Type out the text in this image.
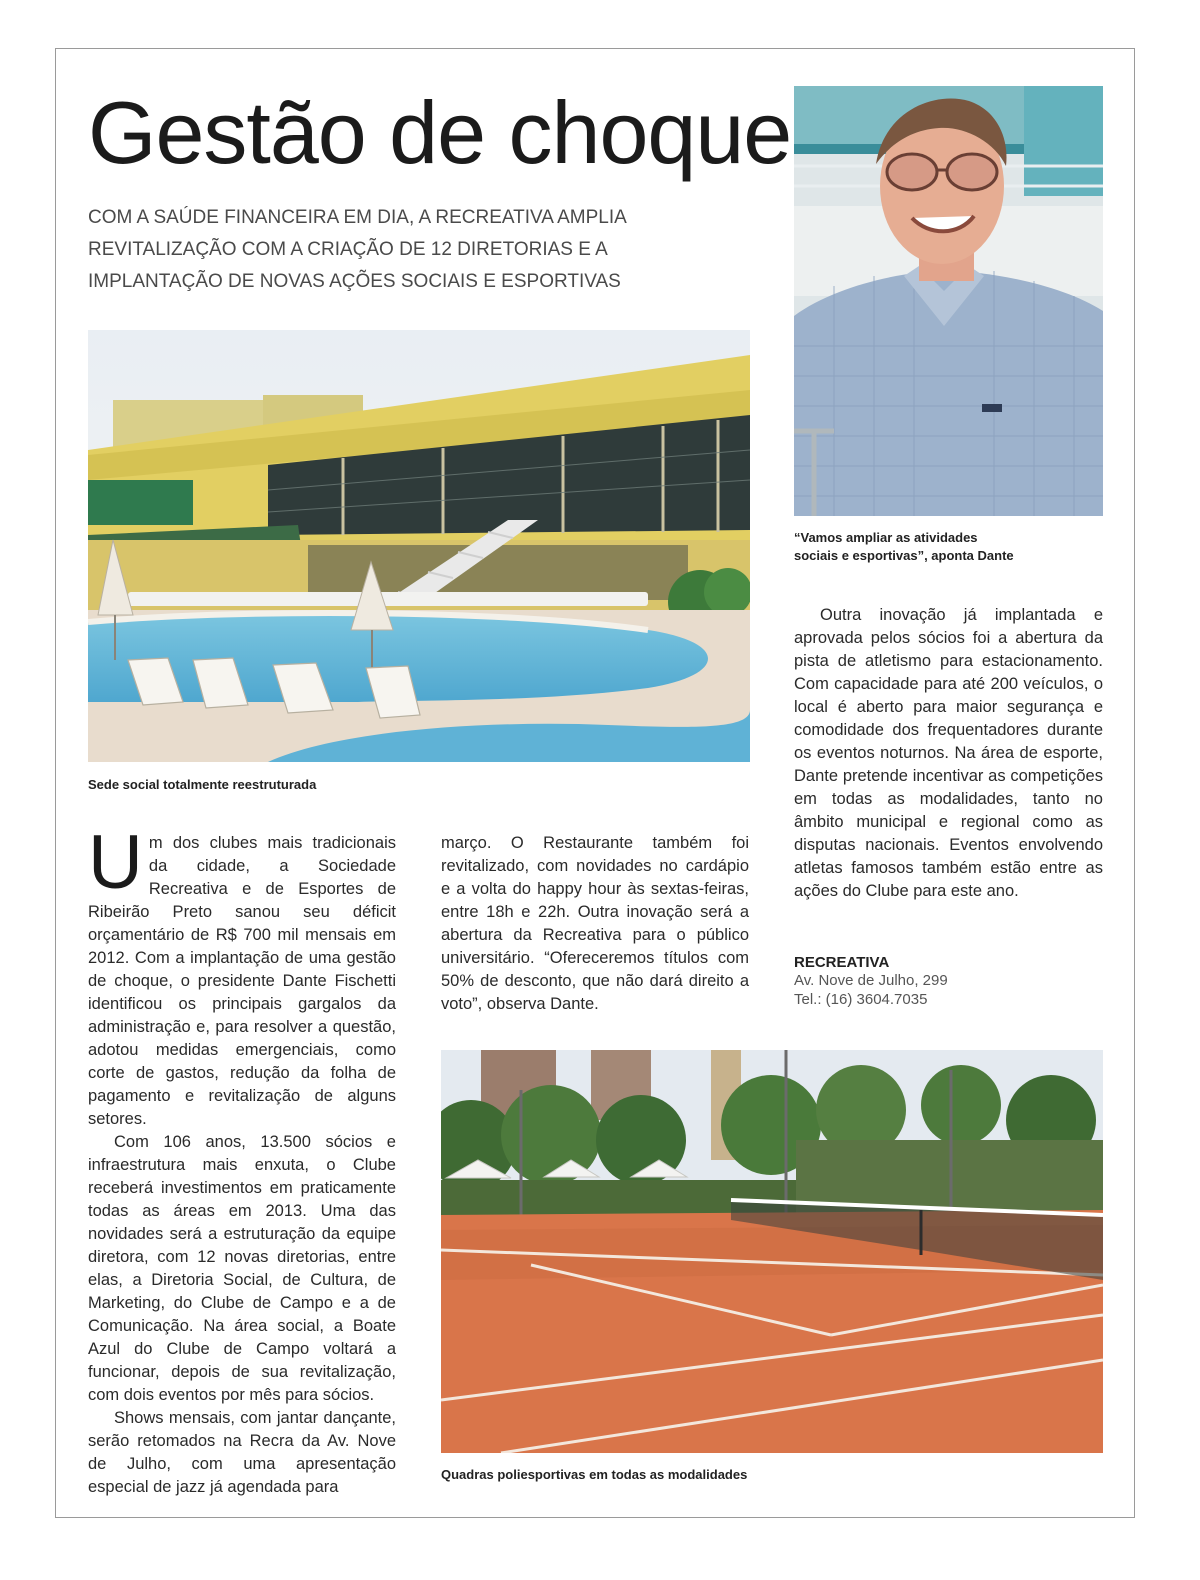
Gestão de choque
COM A SAÚDE FINANCEIRA EM DIA, A RECREATIVA AMPLIA
REVITALIZAÇÃO COM A CRIAÇÃO DE 12 DIRETORIAS E A
IMPLANTAÇÃO DE NOVAS AÇÕES SOCIAIS E ESPORTIVAS
Sede social totalmente reestruturada
“Vamos ampliar as atividades
sociais e esportivas”, aponta Dante

Um dos clubes mais tradicionais da cidade, a Sociedade Recreativa e de Esportes de Ribeirão Preto sanou seu déficit orçamentário de R$ 700 mil mensais em 2012. Com a implantação de uma gestão de choque, o presidente Dante Fischetti identificou os principais gargalos da administração e, para resolver a questão, adotou medidas emergenciais, como corte de gastos, redução da folha de pagamento e revitalização de alguns setores.

Com 106 anos, 13.500 sócios e infraestrutura mais enxuta, o Clube receberá investimentos em praticamente todas as áreas em 2013. Uma das novidades será a estruturação da equipe diretora, com 12 novas diretorias, entre elas, a Diretoria Social, de Cultura, de Marketing, do Clube de Campo e a de Comunicação. Na área social, a Boate Azul do Clube de Campo voltará a funcionar, depois de sua revitalização, com dois eventos por mês para sócios.

Shows mensais, com jantar dançante, serão retomados na Recra da Av. Nove de Julho, com uma apresentação especial de jazz já agendada para

março. O Restaurante também foi revitalizado, com novidades no cardápio e a volta do happy hour às sextas-feiras, entre 18h e 22h. Outra inovação será a abertura da Recreativa para o público universitário. “Ofereceremos títulos com 50% de desconto, que não dará direito a voto”, observa Dante.

Outra inovação já implantada e aprovada pelos sócios foi a abertura da pista de atletismo para estacionamento. Com capacidade para até 200 veículos, o local é aberto para maior segurança e comodidade dos frequentadores durante os eventos noturnos. Na área de esporte, Dante pretende incentivar as competições em todas as modalidades, tanto no âmbito municipal e regional como as disputas nacionais. Eventos envolvendo atletas famosos também estão entre as ações do Clube para este ano.

RECREATIVA
Av. Nove de Julho, 299
Tel.: (16) 3604.7035
Quadras poliesportivas em todas as modalidades
